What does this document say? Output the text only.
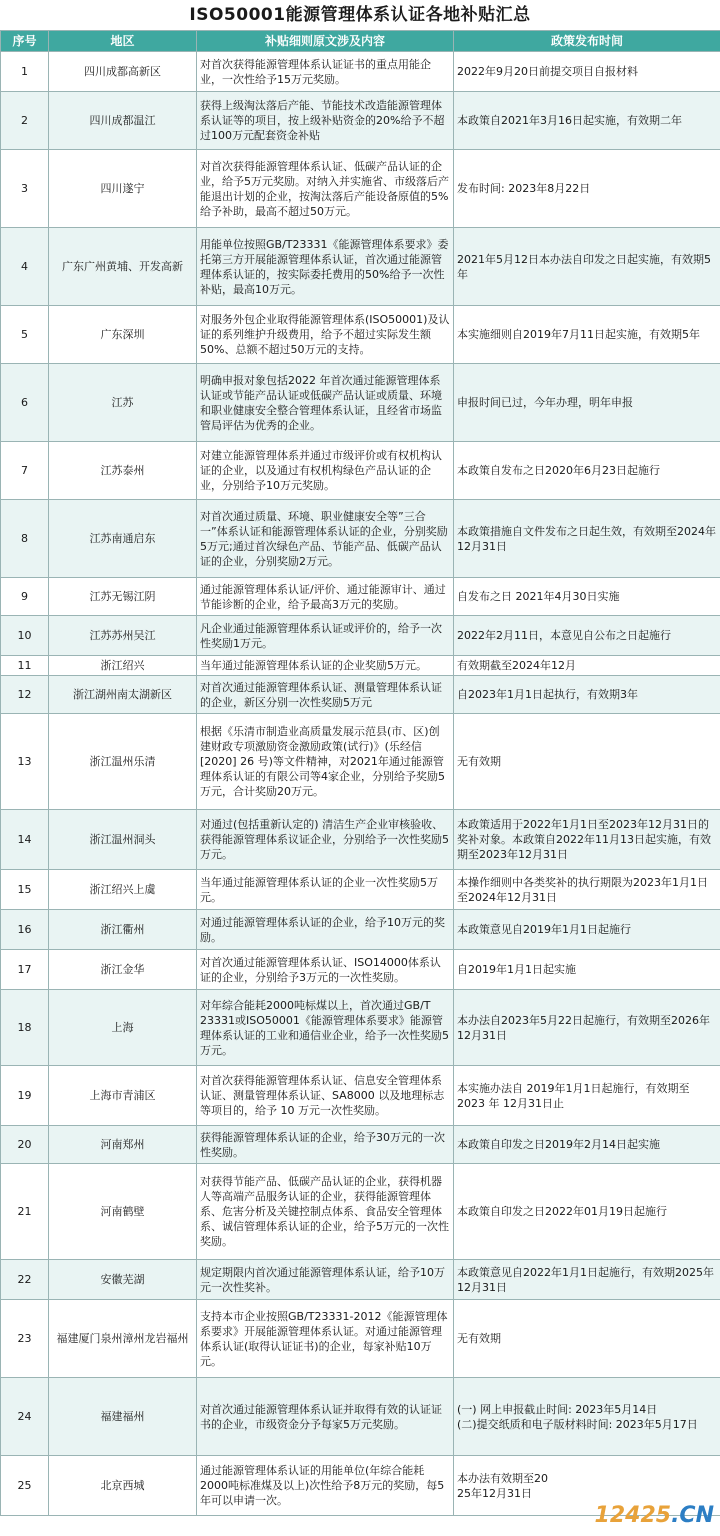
ISO50001能源管理体系认证各地补贴汇总
序号	地区	补贴细则原文涉及内容	政策发布时间
1	四川成都高新区	对首次获得能源管理体系认证证书的重点用能企业，一次性给予15万元奖励。	2022年9月20日前提交项目自报材料
2	四川成都温江	获得上级淘汰落后产能、节能技术改造能源管理体系认证等的项目，按上级补贴资金的20%给予不超过100万元配套资金补贴	本政策自2021年3月16日起实施，有效期二年
3	四川遂宁	对首次获得能源管理体系认证、低碳产品认证的企业，给予5万元奖励。对纳入并实施省、市级落后产能退出计划的企业，按淘汰落后产能设备原值的5%给予补助，最高不超过50万元。	发布时间: 2023年8月22日
4	广东广州黄埔、开发高新	用能单位按照GB/T23331《能源管理体系要求》委托第三方开展能源管理体系认证，首次通过能源管理体系认证的，按实际委托费用的50%给予一次性补贴，最高10万元。	2021年5月12日本办法自印发之日起实施，有效期5
年
5	广东深圳	对服务外包企业取得能源管理体系(ISO50001)及认证的系列维护升级费用，给予不超过实际发生额50%、总额不超过50万元的支持。	本实施细则自2019年7月11日起实施，有效期5年
6	江苏	明确申报对象包括2022 年首次通过能源管理体系认证或节能产品认证或低碳产品认证或质量、环境和职业健康安全整合管理体系认证，且经省市场监管局评估为优秀的企业。	申报时间已过，今年办理，明年申报
7	江苏泰州	对建立能源管理体系并通过市级评价或有权机构认证的企业，以及通过有权机构绿色产品认证的企业，分别给予10万元奖励。	本政策自发布之日2020年6月23日起施行
8	江苏南通启东	对首次通过质量、环境、职业健康安全等”三合一”体系认证和能源管理体系认证的企业，分别奖励5万元;通过首次绿色产品、节能产品、低碳产品认证的企业，分别奖励2万元。	本政策措施自文件发布之日起生效，有效期至2024年12月31日
9	江苏无锡江阴	通过能源管理体系认证/评价、通过能源审计、通过节能诊断的企业，给予最高3万元的奖励。	自发布之日 2021年4月30日实施
10	江苏苏州吴江	凡企业通过能源管理体系认证或评价的，给予一次性奖励1万元。	2022年2月11日，本意见自公布之日起施行
11	浙江绍兴	当年通过能源管理体系认证的企业奖励5万元。	有效期截至2024年12月
12	浙江湖州南太湖新区	对首次通过能源管理体系认证、测量管理体系认证的企业，新区分别一次性奖励5万元	自2023年1月1日起执行，有效期3年
13	浙江温州乐清	根据《乐清市制造业高质量发展示范县(市、区)创建财政专项激励资金激励政策(试行)》(乐经信[2020] 26 号)等文件精神，对2021年通过能源管理体系认证的有限公司等4家企业，分别给予奖励5万元，合计奖励20万元。	无有效期
14	浙江温州洞头	对通过(包括重新认定的) 清洁生产企业审核验收、获得能源管理体系议证企业，分别给予一次性奖励5万元。	本政策适用于2022年1月1日至2023年12月31日的奖补对象。本政策自2022年11月13日起实施，有效期至2023年12月31日
15	浙江绍兴上虞	当年通过能源管理体系认证的企业一次性奖励5万元。	本操作细则中各类奖补的执行期限为2023年1月1日至2024年12月31日
16	浙江衢州	对通过能源管理体系认证的企业，给予10万元的奖励。	本政策意见自2019年1月1日起施行
17	浙江金华	对首次通过能源管理体系认证、ISO14000体系认证的企业，分别给予3万元的一次性奖励。	自2019年1月1日起实施
18	上海	对年综合能耗2000吨标煤以上，首次通过GB/T 23331或ISO50001《能源管理体系要求》能源管理体系认证的工业和通信业企业，给予一次性奖励5万元。	本办法自2023年5月22日起施行，有效期至2026年12月31日
19	上海市青浦区	对首次获得能源管理体系认证、信息安全管理体系认证、测量管理体系认证、SA8000 以及地理标志等项目的，给予 10 万元一次性奖励。	本实施办法自 2019年1月1日起施行，有效期至 2023 年 12月31日止
20	河南郑州	获得能源管理体系认证的企业，给予30万元的一次性奖励。	本政策自印发之日2019年2月14日起实施
21	河南鹤壁	对获得节能产品、低碳产品认证的企业，获得机器人等高端产品服务认证的企业，获得能源管理体系、危害分析及关键控制点体系、食品安全管理体系、诚信管理体系认证的企业，给予5万元的一次性奖励。	本政策自印发之日2022年01月19日起施行
22	安徽芜湖	规定期限内首次通过能源管理体系认证，给予10万元一次性奖补。	本政策意见自2022年1月1日起施行，有效期2025年12月31日
23	福建厦门泉州漳州龙岩福州	支持本市企业按照GB/T23331-2012《能源管理体系要求》开展能源管理体系认证。对通过能源管理体系认证(取得认证证书)的企业，每家补贴10万元。	无有效期
24	福建福州	对首次通过能源管理体系认证并取得有效的认证证书的企业，市级资金分予每家5万元奖励。	(一) 网上申报截止时间: 2023年5月14日
(二)提交纸质和电子版材料时间: 2023年5月17日
25	北京西城	通过能源管理体系认证的用能单位(年综合能耗2000吨标准煤及以上)次性给予8万元的奖励，每5年可以申请一次。	本办法有效期至20
25年12月31日
12425.CN
